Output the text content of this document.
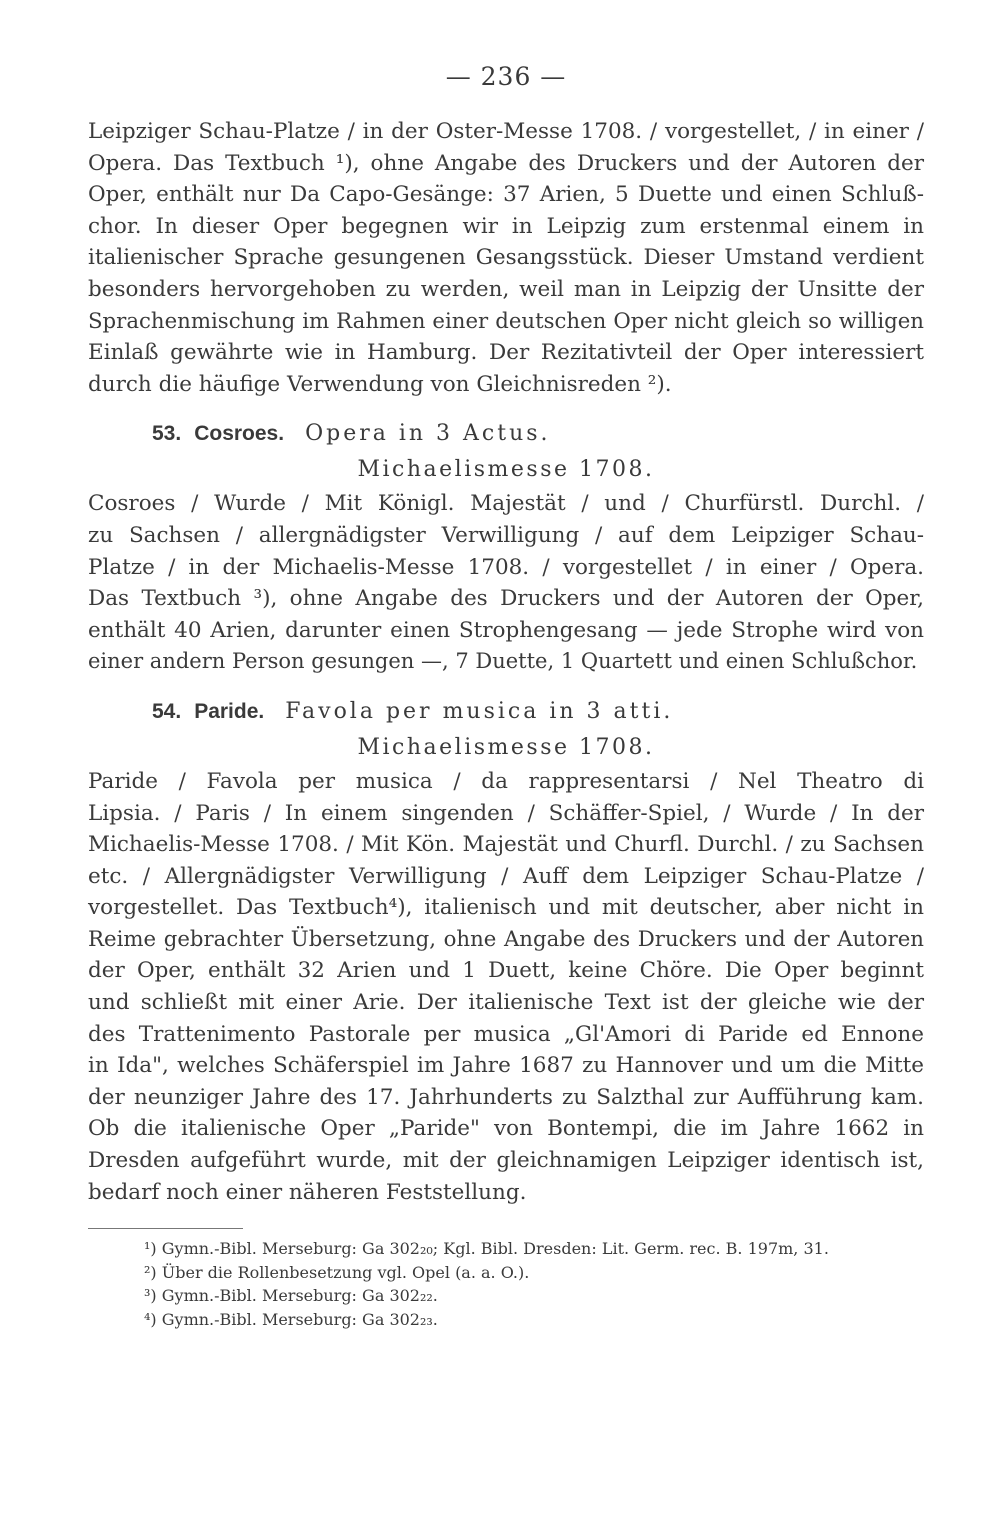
— 236 —

Leipziger Schau-Platze / in der Oster-Messe 1708. / vorgestellet, / in einer /
Opera. Das Textbuch ¹), ohne Angabe des Druckers und der Autoren der
Oper, enthält nur Da Capo-Gesänge: 37 Arien, 5 Duette und einen Schluß-
chor. In dieser Oper begegnen wir in Leipzig zum erstenmal einem in
italienischer Sprache gesungenen Gesangsstück. Dieser Umstand verdient
besonders hervorgehoben zu werden, weil man in Leipzig der Unsitte der
Sprachenmischung im Rahmen einer deutschen Oper nicht gleich so willigen
Einlaß gewährte wie in Hamburg. Der Rezitativteil der Oper interessiert
durch die häufige Verwendung von Gleichnisreden ²).

53. Cosroes. Opera in 3 Actus.
Michaelismesse 1708.

Cosroes / Wurde / Mit Königl. Majestät / und / Churfürstl. Durchl. /
zu Sachsen / allergnädigster Verwilligung / auf dem Leipziger Schau-
Platze / in der Michaelis-Messe 1708. / vorgestellet / in einer / Opera.
Das Textbuch ³), ohne Angabe des Druckers und der Autoren der Oper,
enthält 40 Arien, darunter einen Strophengesang — jede Strophe wird von
einer andern Person gesungen —, 7 Duette, 1 Quartett und einen Schlußchor.

54. Paride. Favola per musica in 3 atti.
Michaelismesse 1708.

Paride / Favola per musica / da rappresentarsi / Nel Theatro di
Lipsia. / Paris / In einem singenden / Schäffer-Spiel, / Wurde / In der
Michaelis-Messe 1708. / Mit Kön. Majestät und Churfl. Durchl. / zu Sachsen
etc. / Allergnädigster Verwilligung / Auff dem Leipziger Schau-Platze /
vorgestellet. Das Textbuch⁴), italienisch und mit deutscher, aber nicht in
Reime gebrachter Übersetzung, ohne Angabe des Druckers und der Autoren
der Oper, enthält 32 Arien und 1 Duett, keine Chöre. Die Oper beginnt
und schließt mit einer Arie. Der italienische Text ist der gleiche wie der
des Trattenimento Pastorale per musica „Gl'Amori di Paride ed Ennone
in Ida", welches Schäferspiel im Jahre 1687 zu Hannover und um die Mitte
der neunziger Jahre des 17. Jahrhunderts zu Salzthal zur Aufführung kam.
Ob die italienische Oper „Paride" von Bontempi, die im Jahre 1662 in
Dresden aufgeführt wurde, mit der gleichnamigen Leipziger identisch ist,
bedarf noch einer näheren Feststellung.

¹) Gymn.-Bibl. Merseburg: Ga 302₂₀; Kgl. Bibl. Dresden: Lit. Germ. rec. B. 197m, 31.
²) Über die Rollenbesetzung vgl. Opel (a. a. O.).
³) Gymn.-Bibl. Merseburg: Ga 302₂₂.
⁴) Gymn.-Bibl. Merseburg: Ga 302₂₃.
